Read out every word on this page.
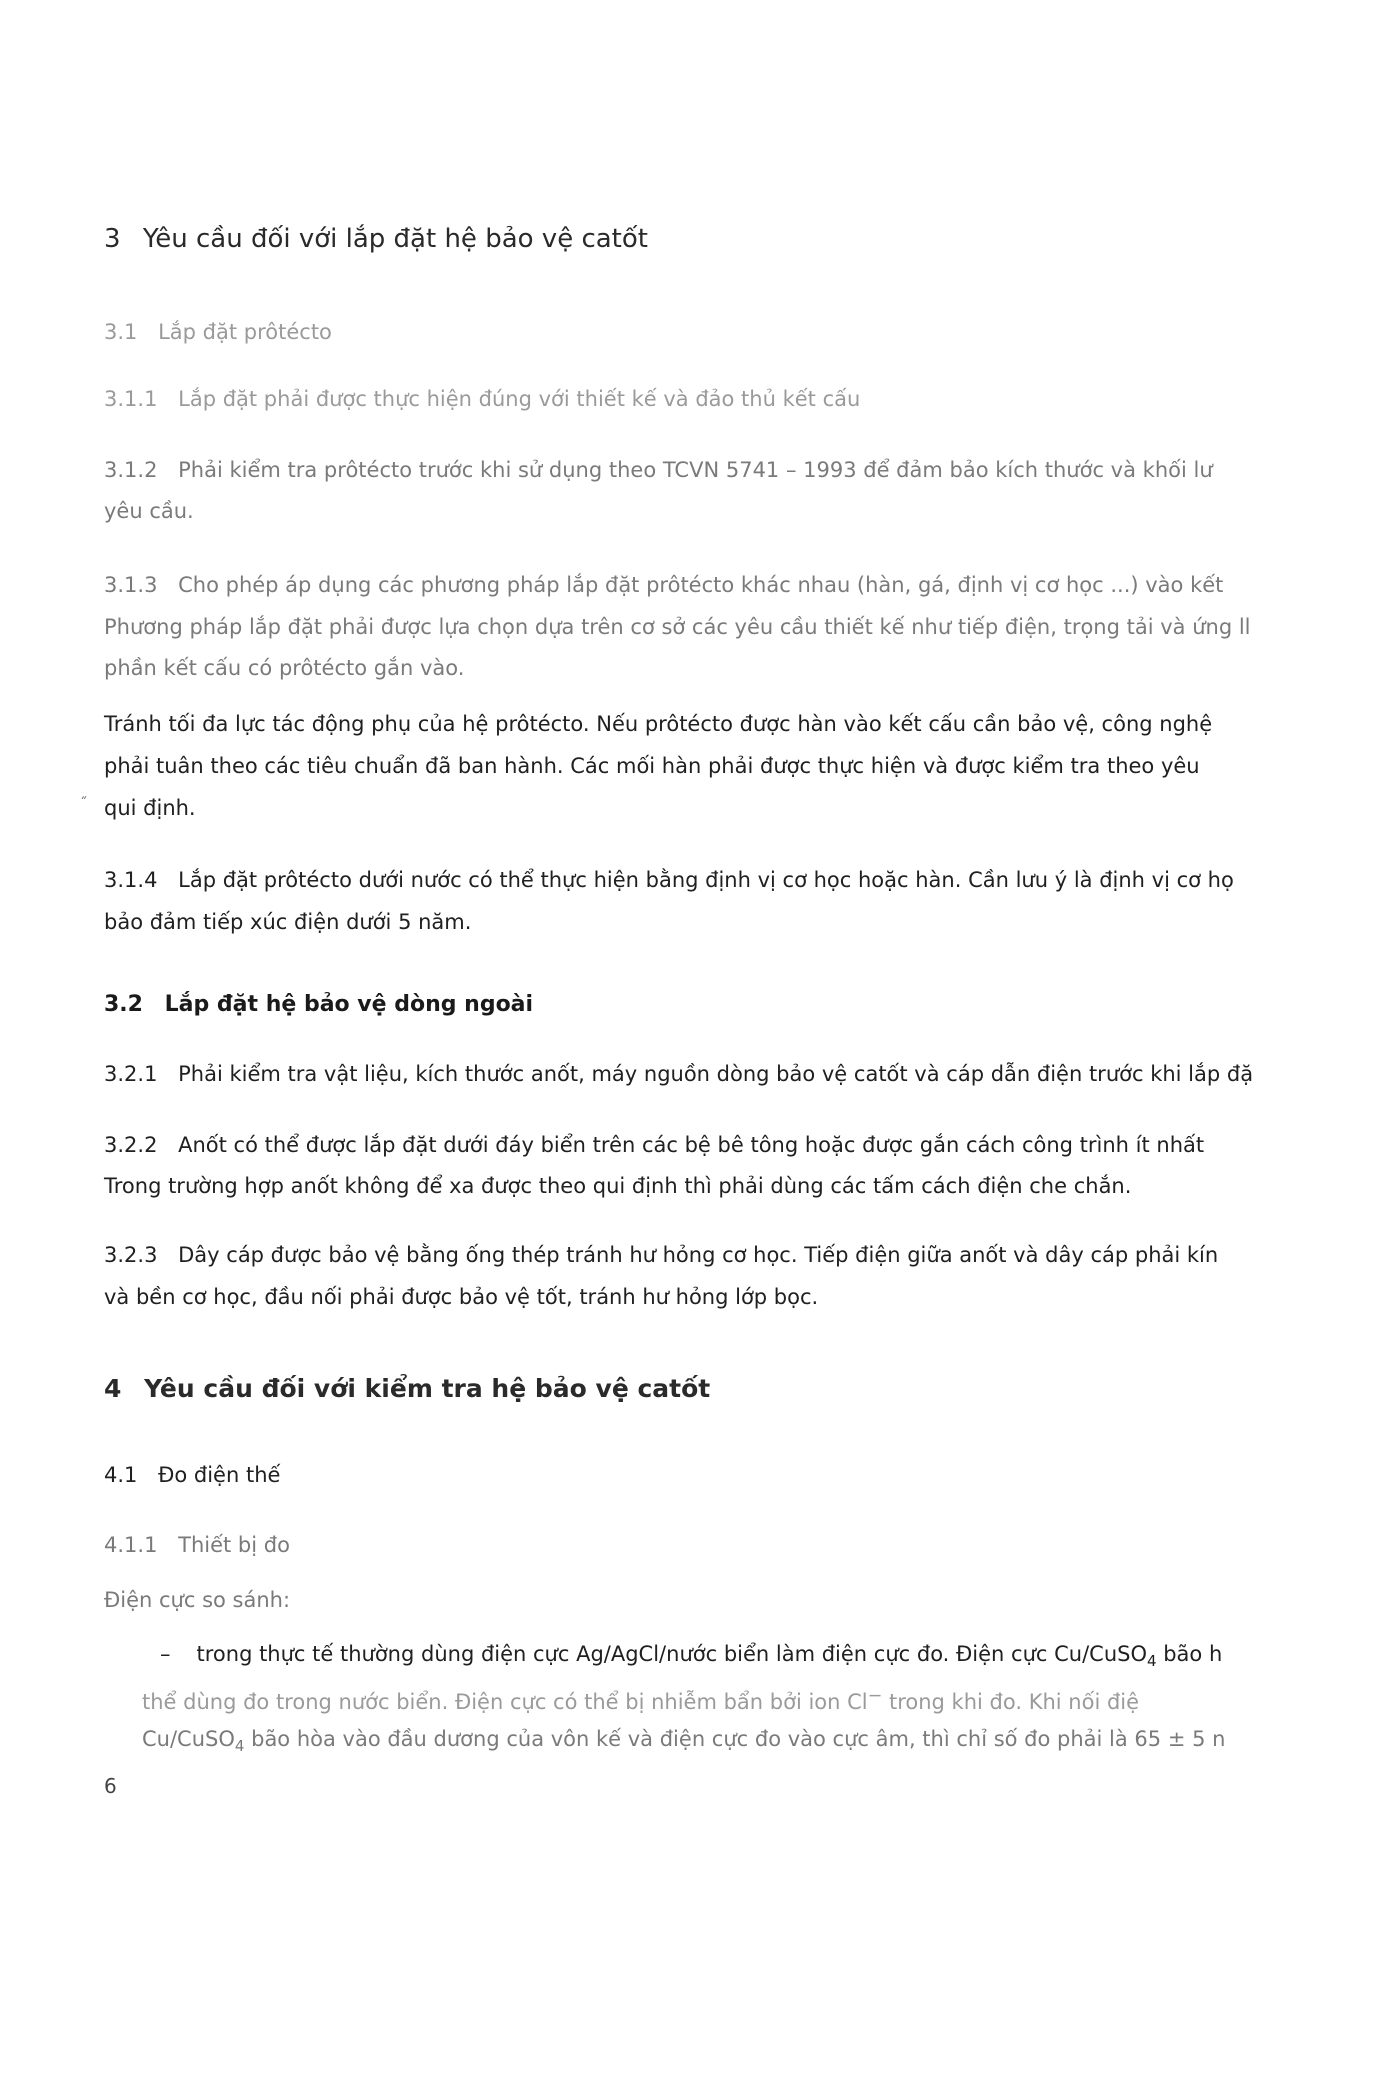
3 Yêu cầu đối với lắp đặt hệ bảo vệ catốt
3.1 Lắp đặt prôtécto
3.1.1 Lắp đặt phải được thực hiện đúng với thiết kế và đảo thủ kết cấu
3.1.2 Phải kiểm tra prôtécto trước khi sử dụng theo TCVN 5741 – 1993 để đảm bảo kích thước và khối lư
yêu cầu.
3.1.3 Cho phép áp dụng các phương pháp lắp đặt prôtécto khác nhau (hàn, gá, định vị cơ học ...) vào kết
Phương pháp lắp đặt phải được lựa chọn dựa trên cơ sở các yêu cầu thiết kế như tiếp điện, trọng tải và ứng ll
phần kết cấu có prôtécto gắn vào.
Tránh tối đa lực tác động phụ của hệ prôtécto. Nếu prôtécto được hàn vào kết cấu cần bảo vệ, công nghệ
phải tuân theo các tiêu chuẩn đã ban hành. Các mối hàn phải được thực hiện và được kiểm tra theo yêu
qui định.
˝
3.1.4 Lắp đặt prôtécto dưới nước có thể thực hiện bằng định vị cơ học hoặc hàn. Cần lưu ý là định vị cơ họ
bảo đảm tiếp xúc điện dưới 5 năm.
3.2 Lắp đặt hệ bảo vệ dòng ngoài
3.2.1 Phải kiểm tra vật liệu, kích thước anốt, máy nguồn dòng bảo vệ catốt và cáp dẫn điện trước khi lắp đặ
3.2.2 Anốt có thể được lắp đặt dưới đáy biển trên các bệ bê tông hoặc được gắn cách công trình ít nhất
Trong trường hợp anốt không để xa được theo qui định thì phải dùng các tấm cách điện che chắn.
3.2.3 Dây cáp được bảo vệ bằng ống thép tránh hư hỏng cơ học. Tiếp điện giữa anốt và dây cáp phải kín
và bền cơ học, đầu nối phải được bảo vệ tốt, tránh hư hỏng lớp bọc.
4 Yêu cầu đối với kiểm tra hệ bảo vệ catốt
4.1 Đo điện thế
4.1.1 Thiết bị đo
Điện cực so sánh:
– trong thực tế thường dùng điện cực Ag/AgCl/nước biển làm điện cực đo. Điện cực Cu/CuSO$_4$ bão h
thể dùng đo trong nước biển. Điện cực có thể bị nhiễm bẩn bởi ion Cl− trong khi đo. Khi nối điệ
Cu/CuSO$_4$ bão hòa vào đầu dương của vôn kế và điện cực đo vào cực âm, thì chỉ số đo phải là 65 ± 5 n
6
